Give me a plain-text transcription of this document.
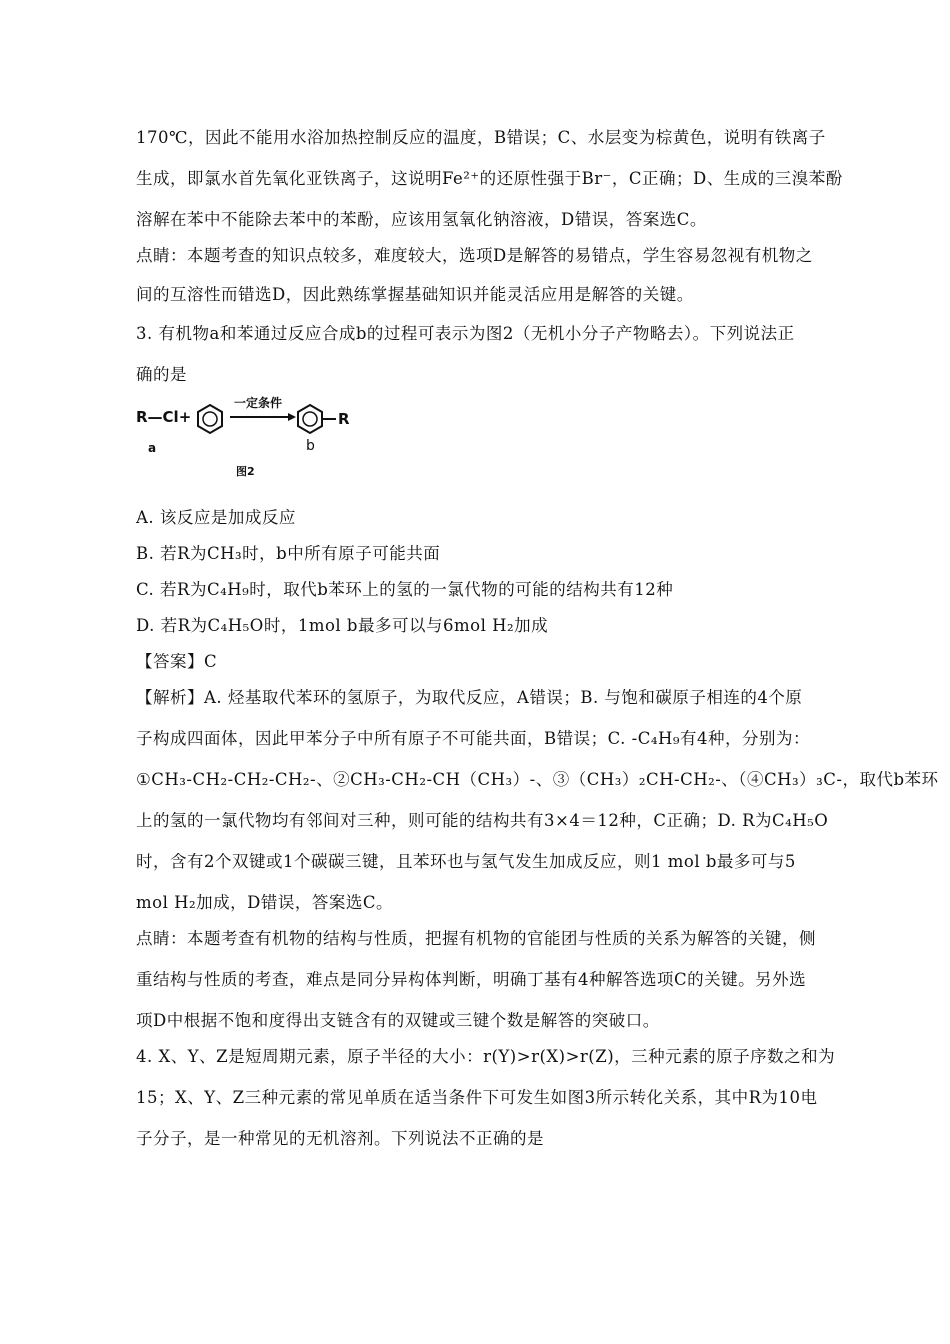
170℃，因此不能用水浴加热控制反应的温度，B错误；C、水层变为棕黄色，说明有铁离子
生成，即氯水首先氧化亚铁离子，这说明Fe²⁺的还原性强于Br⁻，C正确；D、生成的三溴苯酚
溶解在苯中不能除去苯中的苯酚，应该用氢氧化钠溶液，D错误，答案选C。
点睛：本题考查的知识点较多，难度较大，选项D是解答的易错点，学生容易忽视有机物之
间的互溶性而错选D，因此熟练掌握基础知识并能灵活应用是解答的关键。
3. 有机物a和苯通过反应合成b的过程可表示为图2（无机小分子产物略去）。下列说法正
确的是
R—Cl+
一定条件
R
a	b
图2
A. 该反应是加成反应
B. 若R为CH₃时，b中所有原子可能共面
C. 若R为C₄H₉时，取代b苯环上的氢的一氯代物的可能的结构共有12种
D. 若R为C₄H₅O时，1mol b最多可以与6mol H₂加成
【答案】C
【解析】A. 烃基取代苯环的氢原子，为取代反应，A错误；B. 与饱和碳原子相连的4个原
子构成四面体，因此甲苯分子中所有原子不可能共面，B错误；C. -C₄H₉有4种，分别为：
①CH₃-CH₂-CH₂-CH₂-、②CH₃-CH₂-CH（CH₃）-、③（CH₃）₂CH-CH₂-、（④CH₃）₃C-，取代b苯环
上的氢的一氯代物均有邻间对三种，则可能的结构共有3×4＝12种，C正确；D. R为C₄H₅O
时，含有2个双键或1个碳碳三键，且苯环也与氢气发生加成反应，则1 mol b最多可与5
mol H₂加成，D错误，答案选C。
点睛：本题考查有机物的结构与性质，把握有机物的官能团与性质的关系为解答的关键，侧
重结构与性质的考查，难点是同分异构体判断，明确丁基有4种解答选项C的关键。另外选
项D中根据不饱和度得出支链含有的双键或三键个数是解答的突破口。
4. X、Y、Z是短周期元素，原子半径的大小：r(Y)>r(X)>r(Z)，三种元素的原子序数之和为
15；X、Y、Z三种元素的常见单质在适当条件下可发生如图3所示转化关系，其中R为10电
子分子，是一种常见的无机溶剂。下列说法不正确的是
